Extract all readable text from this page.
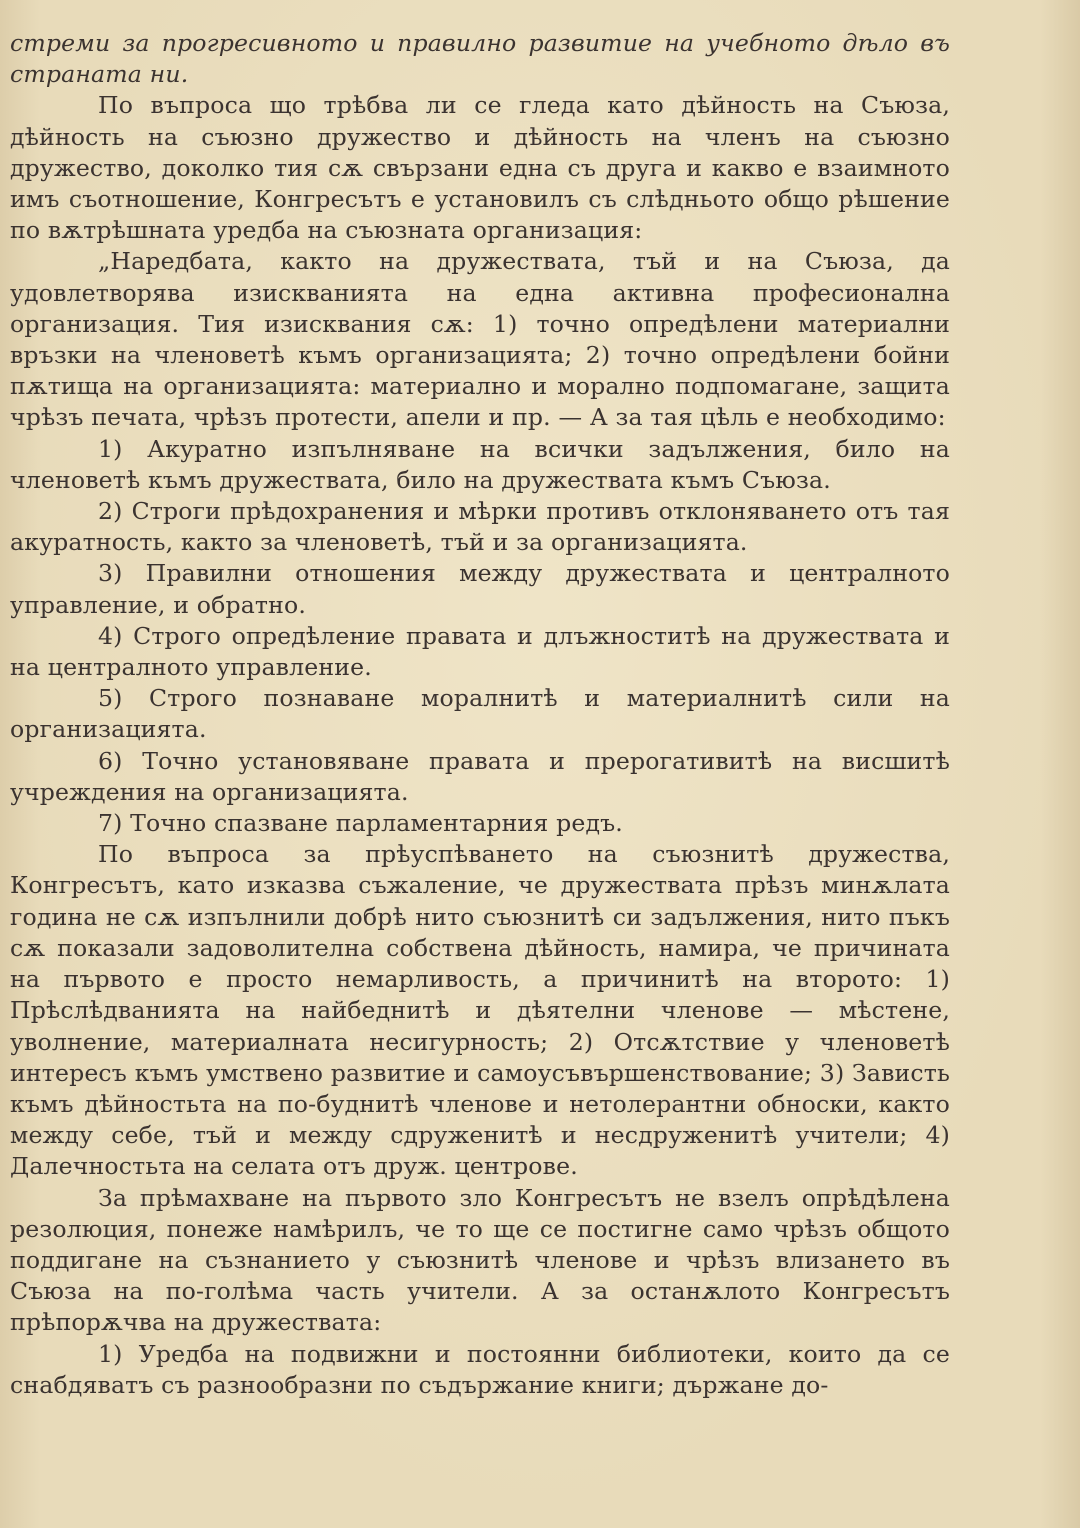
стреми за прогресивното и правилно развитие на учебното дѣло въ страната ни.

По въпроса що трѣбва ли се гледа като дѣйность на Съюза, дѣйность на съюзно дружество и дѣйность на членъ на съюзно дружество, доколко тия сѫ свързани една съ друга и какво е взаимното имъ съотношение, Конгресътъ е установилъ съ слѣдньото общо рѣшение по вѫтрѣшната уредба на съюзната организация:

„Наредбата, както на дружествата, тъй и на Съюза, да удовлетворява изискванията на една активна професионална организация. Тия изисквания сѫ: 1) точно опредѣлени материални връзки на членоветѣ къмъ организацията; 2) точно опредѣлени бойни пѫтища на организацията: материално и морално подпомагане, защита чрѣзъ печата, чрѣзъ протести, апели и пр. — А за тая цѣль е необходимо:

1) Акуратно изпълняване на всички задължения, било на членоветѣ къмъ дружествата, било на дружествата къмъ Съюза.

2) Строги прѣдохранения и мѣрки противъ отклоняването отъ тая акуратность, както за членоветѣ, тъй и за организацията.

3) Правилни отношения между дружествата и централното управление, и обратно.

4) Строго опредѣление правата и длъжноститѣ на дружествата и на централното управление.

5) Строго познаване моралнитѣ и материалнитѣ сили на организацията.

6) Точно установяване правата и прерогативитѣ на висшитѣ учреждения на организацията.

7) Точно спазване парламентарния редъ.

По въпроса за прѣуспѣването на съюзнитѣ дружества, Конгресътъ, като изказва съжаление, че дружествата прѣзъ минѫлата година не сѫ изпълнили добрѣ нито съюзнитѣ си задължения, нито пъкъ сѫ показали задоволителна собствена дѣйность, намира, че причината на първото е просто немарливость, а причинитѣ на второто: 1) Прѣслѣдванията на найбеднитѣ и дѣятелни членове — мѣстене, уволнение, материалната несигурность; 2) Отсѫтствие у членоветѣ интересъ къмъ умствено развитие и самоусъвършенствование; 3) Зависть къмъ дѣйностьта на по-буднитѣ членове и нетолерантни обноски, както между себе, тъй и между сдруженитѣ и несдруженитѣ учители; 4) Далечностьта на селата отъ друж. центрове.

За прѣмахване на първото зло Конгресътъ не взелъ опрѣдѣлена резолюция, понеже намѣрилъ, че то ще се постигне само чрѣзъ общото поддигане на съзнанието у съюзнитѣ членове и чрѣзъ влизането въ Съюза на по-голѣма часть учители. А за останѫлото Конгресътъ прѣпорѫчва на дружествата:

1) Уредба на подвижни и постоянни библиотеки, които да се снабдяватъ съ разнообразни по съдържание книги; държане до-
